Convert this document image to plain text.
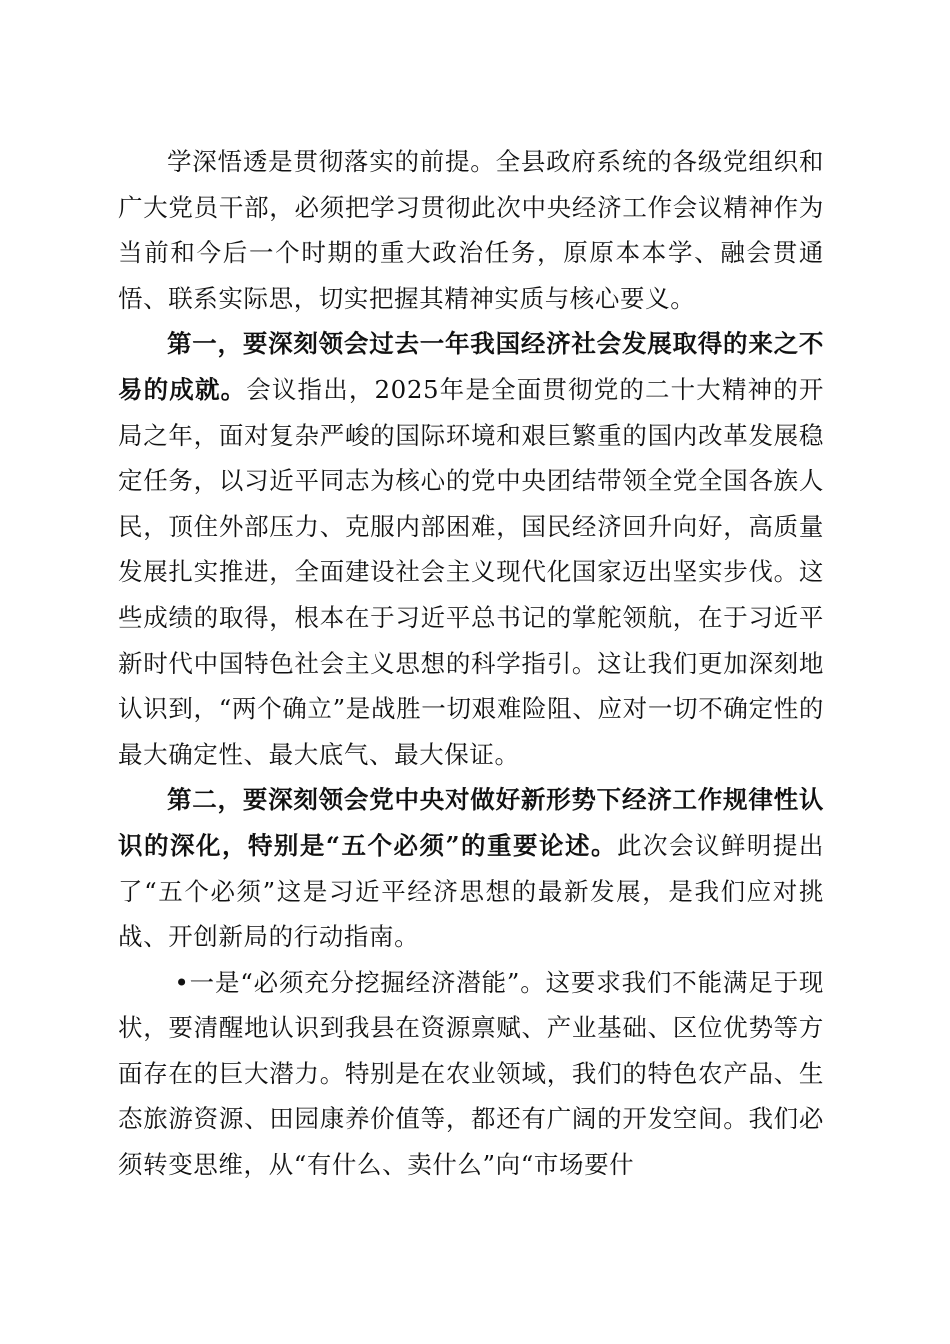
学深悟透是贯彻落实的前提。全县政府系统的各级党组织和广大党员干部，必须把学习贯彻此次中央经济工作会议精神作为当前和今后一个时期的重大政治任务，原原本本学、融会贯通悟、联系实际思，切实把握其精神实质与核心要义。

第一，要深刻领会过去一年我国经济社会发展取得的来之不易的成就。会议指出，2025年是全面贯彻党的二十大精神的开局之年，面对复杂严峻的国际环境和艰巨繁重的国内改革发展稳定任务，以习近平同志为核心的党中央团结带领全党全国各族人民，顶住外部压力、克服内部困难，国民经济回升向好，高质量发展扎实推进，全面建设社会主义现代化国家迈出坚实步伐。这些成绩的取得，根本在于习近平总书记的掌舵领航，在于习近平新时代中国特色社会主义思想的科学指引。这让我们更加深刻地认识到，“两个确立”是战胜一切艰难险阻、应对一切不确定性的最大确定性、最大底气、最大保证。

第二，要深刻领会党中央对做好新形势下经济工作规律性认识的深化，特别是“五个必须”的重要论述。此次会议鲜明提出了“五个必须”这是习近平经济思想的最新发展，是我们应对挑战、开创新局的行动指南。

•一是“必须充分挖掘经济潜能”。这要求我们不能满足于现状，要清醒地认识到我县在资源禀赋、产业基础、区位优势等方面存在的巨大潜力。特别是在农业领域，我们的特色农产品、生态旅游资源、田园康养价值等，都还有广阔的开发空间。我们必须转变思维，从“有什么、卖什么”向“市场要什
